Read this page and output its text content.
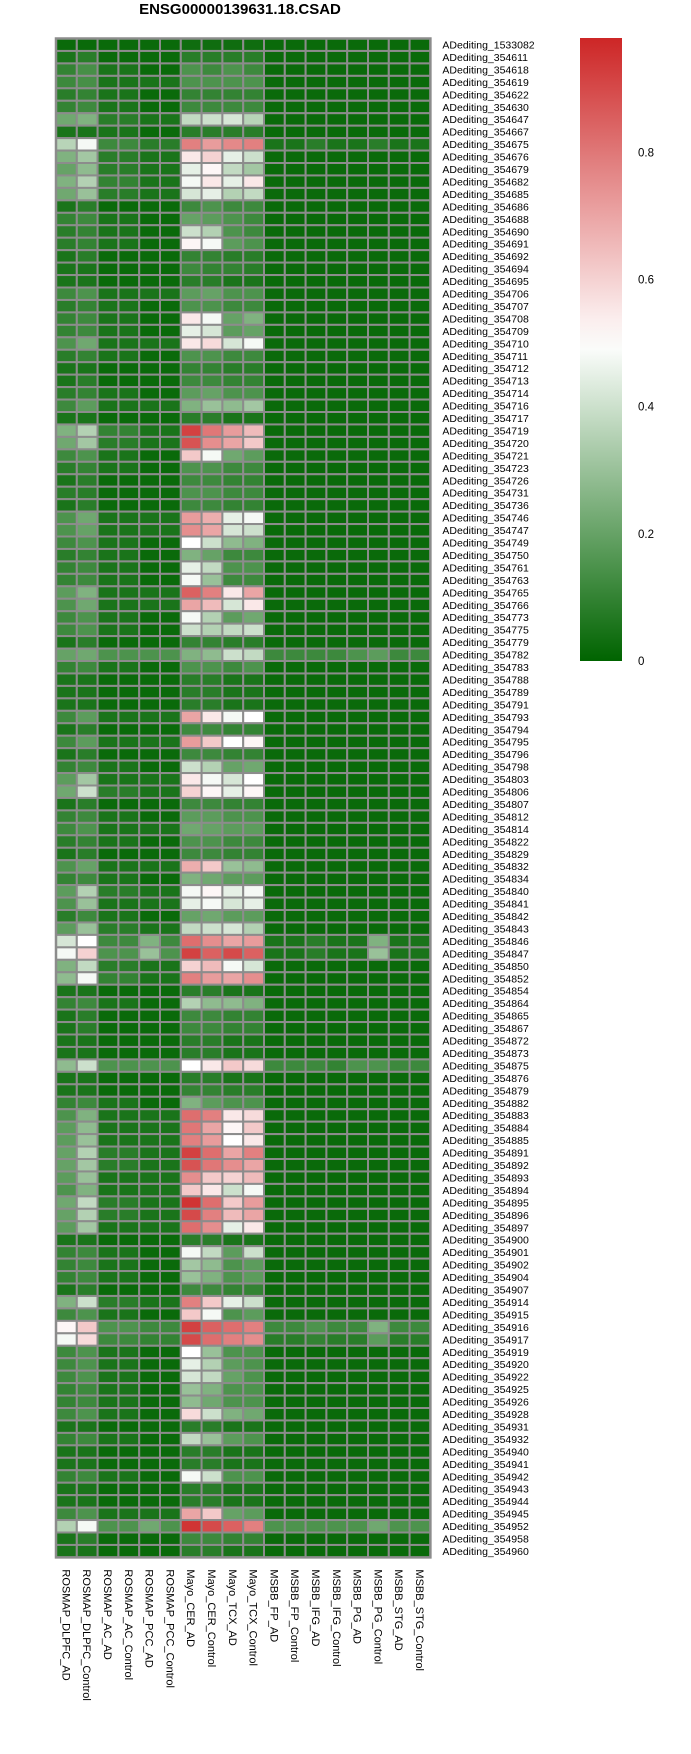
ENSG00000139631.18.CSAD
ADediting_1533082
ADediting_354611
ADediting_354618
ADediting_354619
ADediting_354622
ADediting_354630
ADediting_354647
ADediting_354667
ADediting_354675
ADediting_354676
ADediting_354679
ADediting_354682
ADediting_354685
ADediting_354686
ADediting_354688
ADediting_354690
ADediting_354691
ADediting_354692
ADediting_354694
ADediting_354695
ADediting_354706
ADediting_354707
ADediting_354708
ADediting_354709
ADediting_354710
ADediting_354711
ADediting_354712
ADediting_354713
ADediting_354714
ADediting_354716
ADediting_354717
ADediting_354719
ADediting_354720
ADediting_354721
ADediting_354723
ADediting_354726
ADediting_354731
ADediting_354736
ADediting_354746
ADediting_354747
ADediting_354749
ADediting_354750
ADediting_354761
ADediting_354763
ADediting_354765
ADediting_354766
ADediting_354773
ADediting_354775
ADediting_354779
ADediting_354782
ADediting_354783
ADediting_354788
ADediting_354789
ADediting_354791
ADediting_354793
ADediting_354794
ADediting_354795
ADediting_354796
ADediting_354798
ADediting_354803
ADediting_354806
ADediting_354807
ADediting_354812
ADediting_354814
ADediting_354822
ADediting_354829
ADediting_354832
ADediting_354834
ADediting_354840
ADediting_354841
ADediting_354842
ADediting_354843
ADediting_354846
ADediting_354847
ADediting_354850
ADediting_354852
ADediting_354854
ADediting_354864
ADediting_354865
ADediting_354867
ADediting_354872
ADediting_354873
ADediting_354875
ADediting_354876
ADediting_354879
ADediting_354882
ADediting_354883
ADediting_354884
ADediting_354885
ADediting_354891
ADediting_354892
ADediting_354893
ADediting_354894
ADediting_354895
ADediting_354896
ADediting_354897
ADediting_354900
ADediting_354901
ADediting_354902
ADediting_354904
ADediting_354907
ADediting_354914
ADediting_354915
ADediting_354916
ADediting_354917
ADediting_354919
ADediting_354920
ADediting_354922
ADediting_354925
ADediting_354926
ADediting_354928
ADediting_354931
ADediting_354932
ADediting_354940
ADediting_354941
ADediting_354942
ADediting_354943
ADediting_354944
ADediting_354945
ADediting_354952
ADediting_354958
ADediting_354960
ROSMAP_DLPFC_AD ROSMAP_DLPFC_Control ROSMAP_AC_AD ROSMAP_AC_Control ROSMAP_PCC_AD ROSMAP_PCC_Control Mayo_CER_AD Mayo_CER_Control Mayo_TCX_AD Mayo_TCX_Control MSBB_FP_AD MSBB_FP_Control MSBB_IFG_AD MSBB_IFG_Control MSBB_PG_AD MSBB_PG_Control MSBB_STG_AD MSBB_STG_Control
0
0.2
0.4
0.6
0.8
